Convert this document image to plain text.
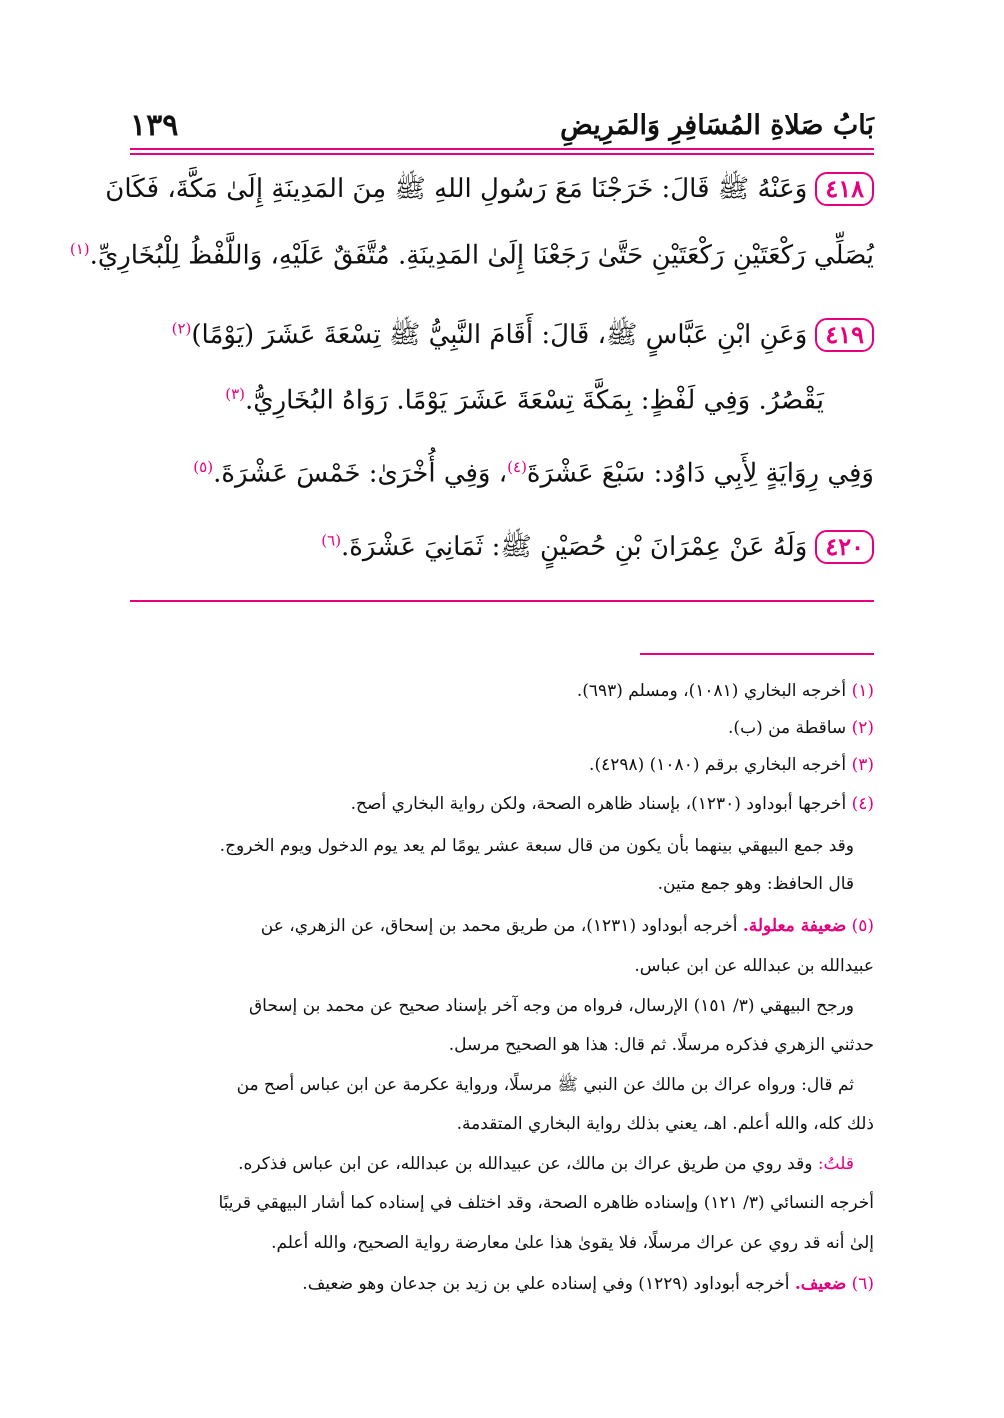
بَابُ صَلاةِ المُسَافِرِ وَالمَرِيضِ
١٣٩
٤١٨وَعَنْهُ ﷺ قَالَ: خَرَجْنَا مَعَ رَسُولِ اللهِ ﷺ مِنَ المَدِينَةِ إِلَىٰ مَكَّةَ، فَكَانَ
يُصَلِّي رَكْعَتَيْنِ رَكْعَتَيْنِ حَتَّىٰ رَجَعْنَا إِلَىٰ المَدِينَةِ. مُتَّفَقٌ عَلَيْهِ، وَاللَّفْظُ لِلْبُخَارِيِّ.$^{(١)}$
٤١٩وَعَنِ ابْنِ عَبَّاسٍ ﷺ، قَالَ: أَقَامَ النَّبِيُّ ﷺ تِسْعَةَ عَشَرَ (يَوْمًا)$^{(٢)}$
يَقْصُرُ. وَفِي لَفْظٍ: بِمَكَّةَ تِسْعَةَ عَشَرَ يَوْمًا. رَوَاهُ البُخَارِيُّ.$^{(٣)}$
وَفِي رِوَايَةٍ لِأَبِي دَاوُد: سَبْعَ عَشْرَةَ$^{(٤)}$، وَفِي أُخْرَىٰ: خَمْسَ عَشْرَةَ.$^{(٥)}$
٤٢٠وَلَهُ عَنْ عِمْرَانَ بْنِ حُصَيْنٍ ﷺ: ثَمَانِيَ عَشْرَةَ.$^{(٦)}$
(١) أخرجه البخاري (١٠٨١)، ومسلم (٦٩٣).
(٢) ساقطة من (ب).
(٣) أخرجه البخاري برقم (١٠٨٠) (٤٢٩٨).
(٤) أخرجها أبوداود (١٢٣٠)، بإسناد ظاهره الصحة، ولكن رواية البخاري أصح.
وقد جمع البيهقي بينهما بأن يكون من قال سبعة عشر يومًا لم يعد يوم الدخول ويوم الخروج.
قال الحافظ: وهو جمع متين.
(٥) ضعيفة معلولة. أخرجه أبوداود (١٢٣١)، من طريق محمد بن إسحاق، عن الزهري، عن
عبيدالله بن عبدالله عن ابن عباس.
ورجح البيهقي (٣/ ١٥١) الإرسال، فرواه من وجه آخر بإسناد صحيح عن محمد بن إسحاق
حدثني الزهري فذكره مرسلًا. ثم قال: هذا هو الصحيح مرسل.
ثم قال: ورواه عراك بن مالك عن النبي ﷺ مرسلًا، ورواية عكرمة عن ابن عباس أصح من
ذلك كله، والله أعلم. اهـ، يعني بذلك رواية البخاري المتقدمة.
قلتُ: وقد روي من طريق عراك بن مالك، عن عبيدالله بن عبدالله، عن ابن عباس فذكره.
أخرجه النسائي (٣/ ١٢١) وإسناده ظاهره الصحة، وقد اختلف في إسناده كما أشار البيهقي قريبًا
إلىٰ أنه قد روي عن عراك مرسلًا، فلا يقوىٰ هذا علىٰ معارضة رواية الصحيح، والله أعلم.
(٦) ضعيف. أخرجه أبوداود (١٢٢٩) وفي إسناده علي بن زيد بن جدعان وهو ضعيف.
